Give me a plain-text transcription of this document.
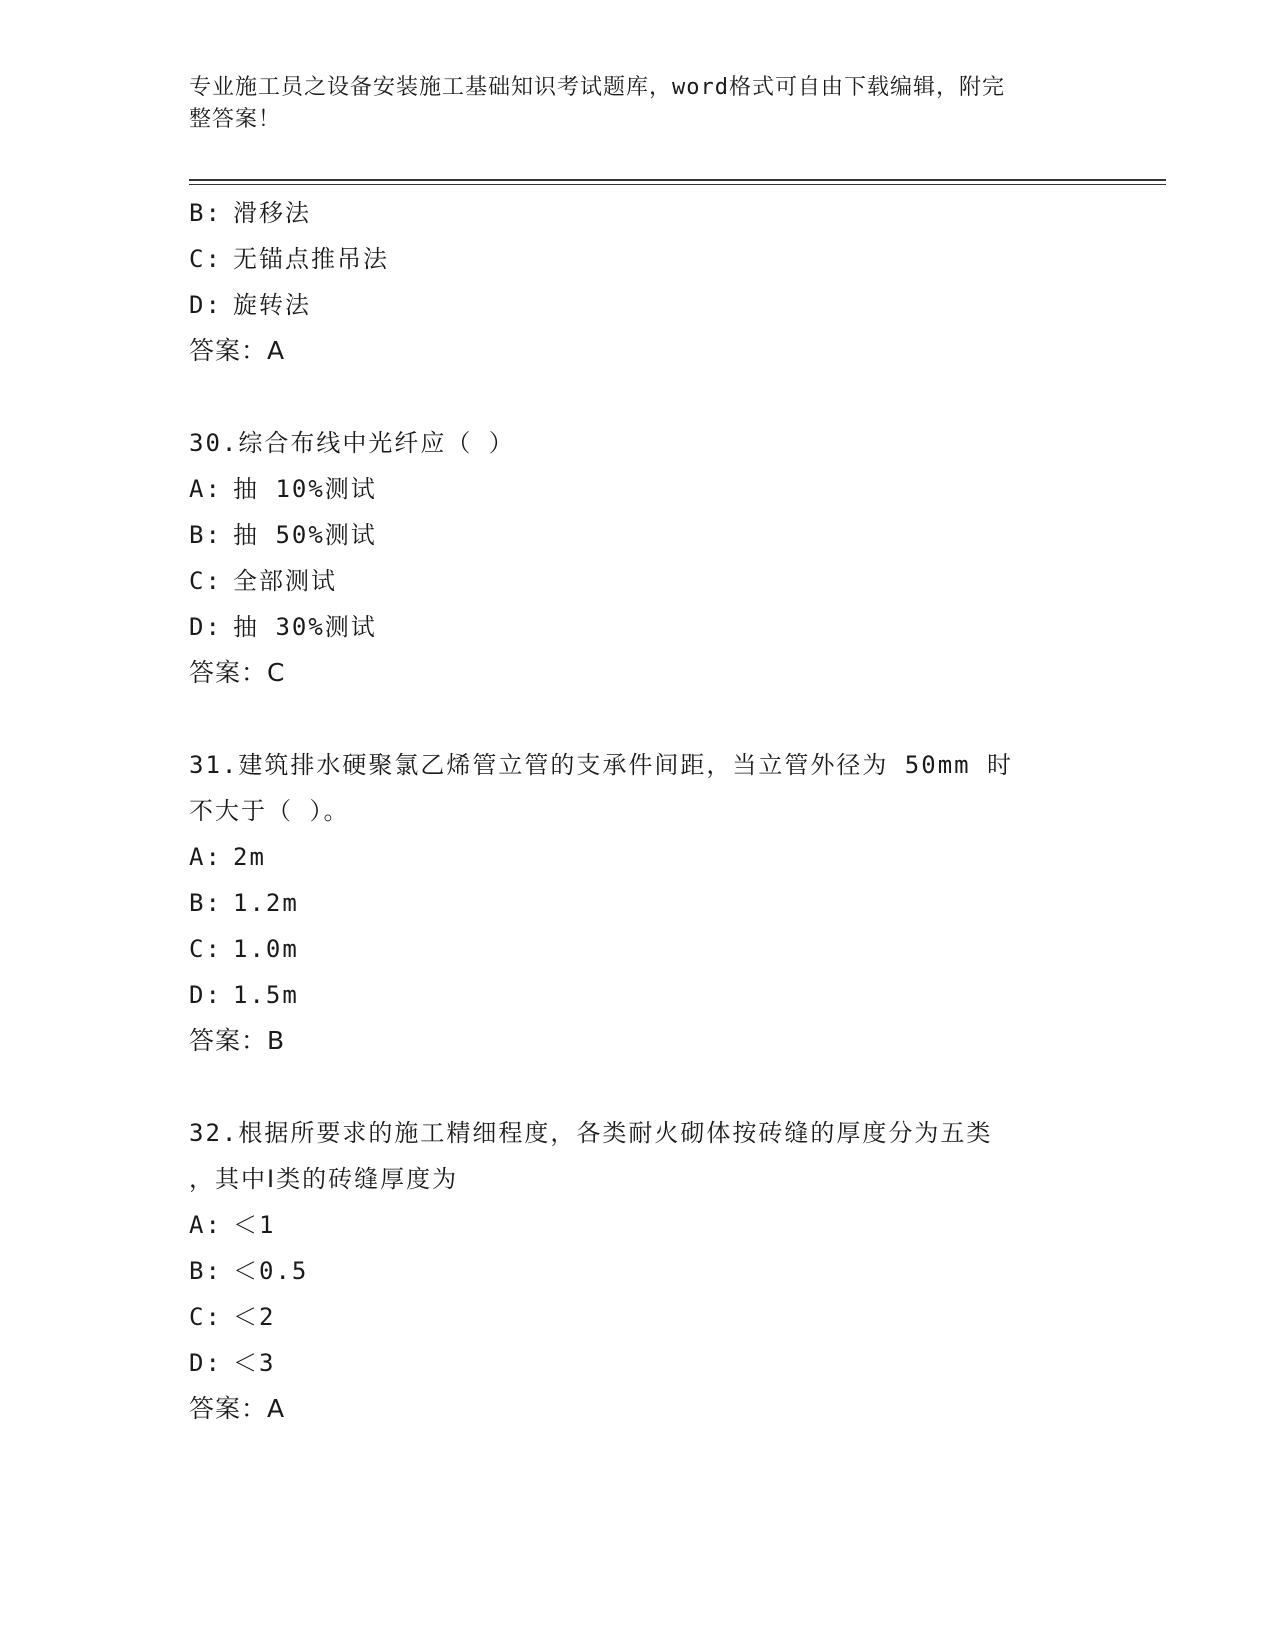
专业施工员之设备安装施工基础知识考试题库，word格式可自由下载编辑，附完
整答案！
B: 滑移法
C: 无锚点推吊法
D: 旋转法
答案：A
30.综合布线中光纤应（ ）
A: 抽 10%测试
B: 抽 50%测试
C: 全部测试
D: 抽 30%测试
答案：C
31.建筑排水硬聚氯乙烯管立管的支承件间距，当立管外径为 50mm 时
不大于（ ）。
A: 2m
B: 1.2m
C: 1.0m
D: 1.5m
答案：B
32.根据所要求的施工精细程度，各类耐火砌体按砖缝的厚度分为五类
，其中Ⅰ类的砖缝厚度为
A: ＜1
B: ＜0.5
C: ＜2
D: ＜3
答案：A
